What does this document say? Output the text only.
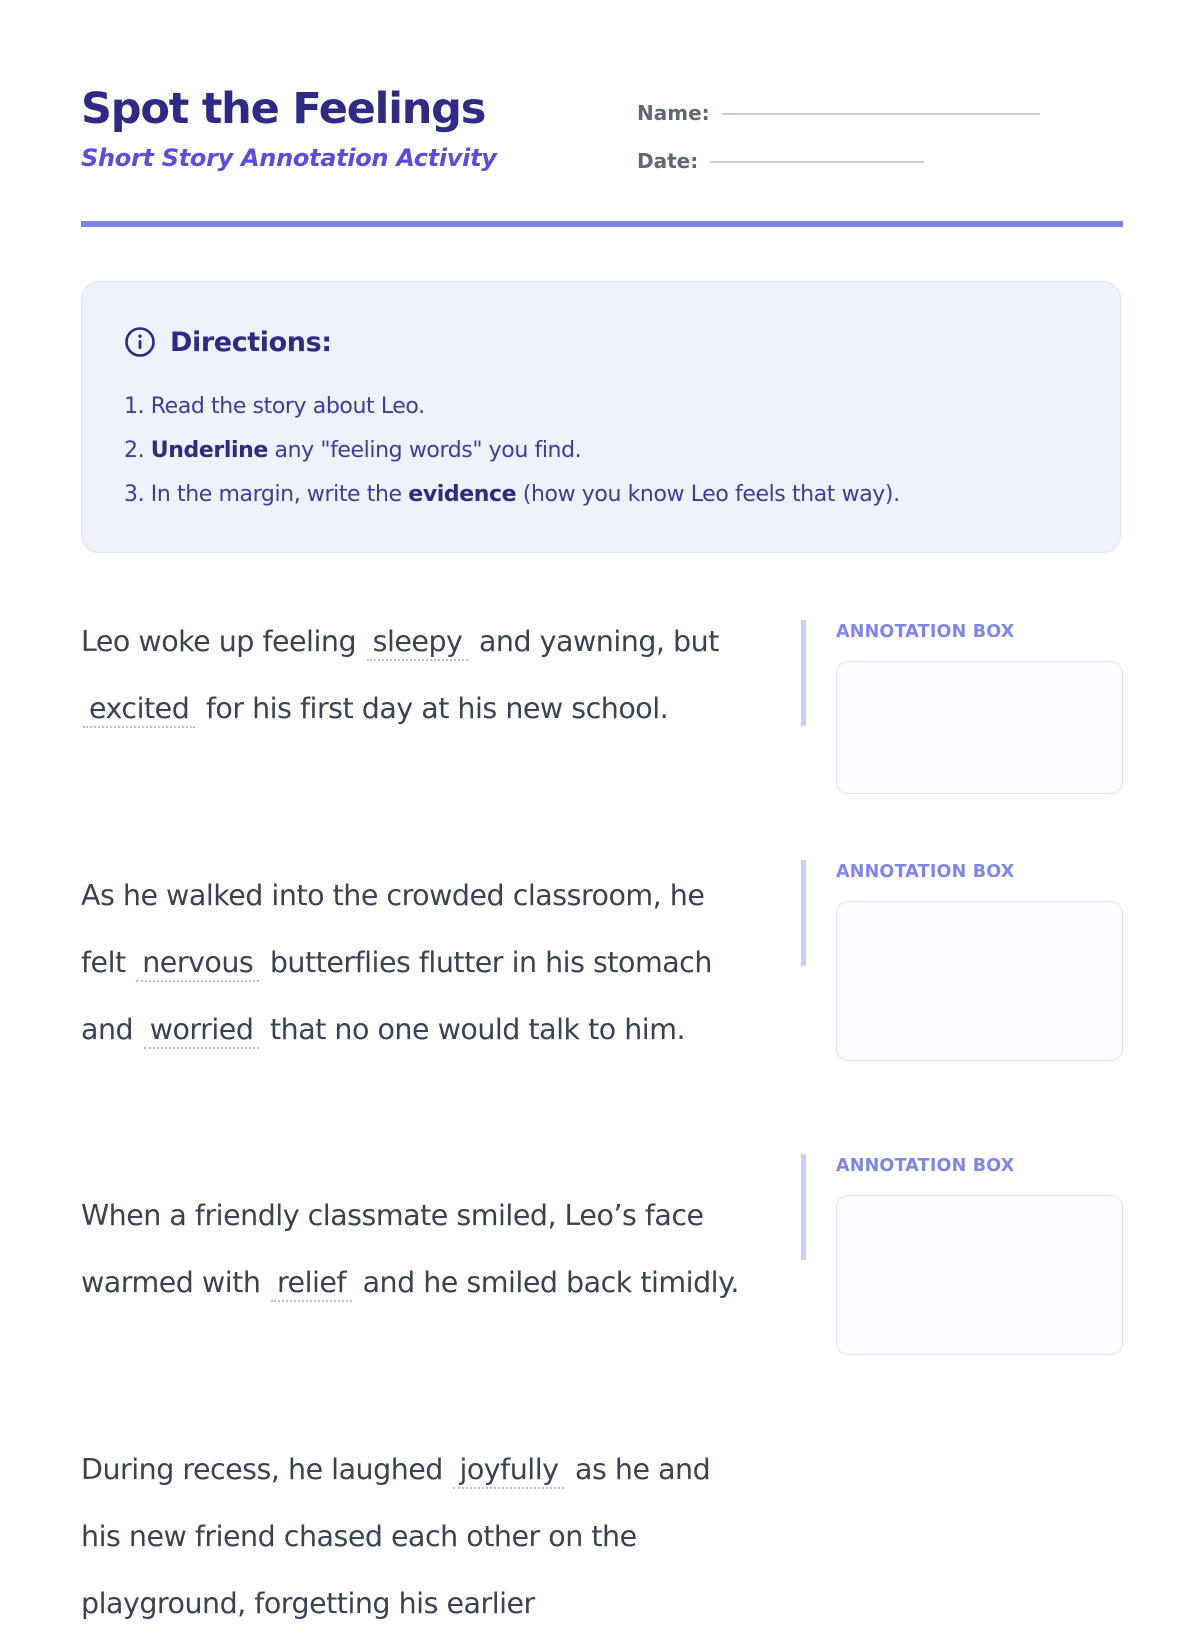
Spot the Feelings
Short Story Annotation Activity
Name:
Date:
Directions:
1. Read the story about Leo.
2. Underline any "feeling words" you find.
3. In the margin, write the evidence (how you know Leo feels that way).

Leo woke up feeling sleepy and yawning, but excited for his first day at his new school.

As he walked into the crowded classroom, he felt nervous butterflies flutter in his stomach and worried that no one would talk to him.

When a friendly classmate smiled, Leo’s face warmed with relief and he smiled back timidly.

During recess, he laughed joyfully as he and his new friend chased each other on the playground, forgetting his earlier

ANNOTATION BOX
ANNOTATION BOX
ANNOTATION BOX
